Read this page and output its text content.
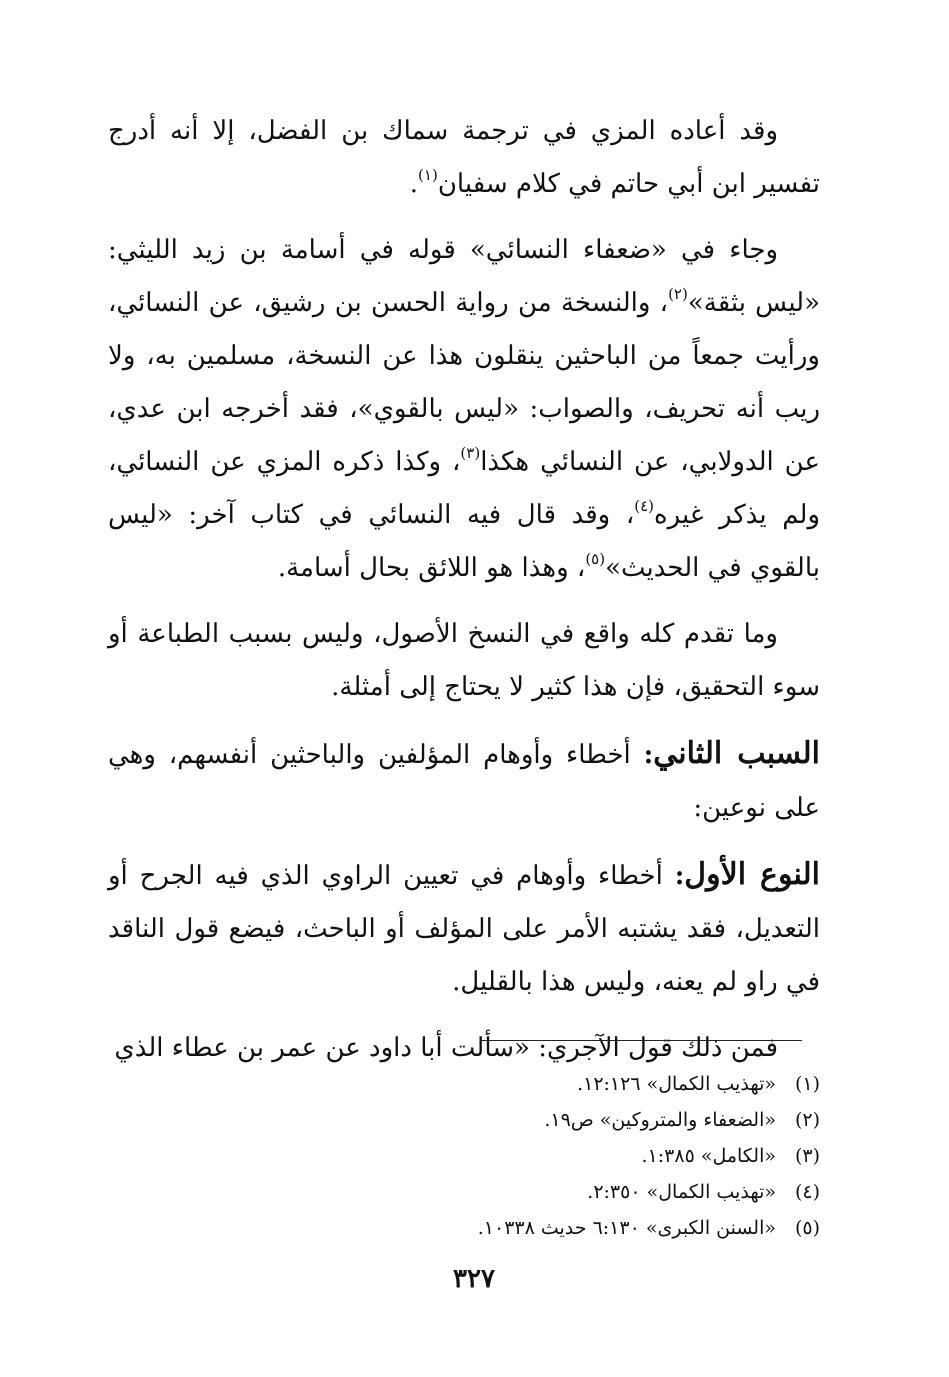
وقد أعاده المزي في ترجمة سماك بن الفضل، إلا أنه أدرج تفسير ابن أبي حاتم في كلام سفيان$^{(١)}$.

وجاء في «ضعفاء النسائي» قوله في أسامة بن زيد الليثي: «ليس بثقة»$^{(٢)}$، والنسخة من رواية الحسن بن رشيق، عن النسائي، ورأيت جمعاً من الباحثين ينقلون هذا عن النسخة، مسلمين به، ولا ريب أنه تحريف، والصواب: «ليس بالقوي»، فقد أخرجه ابن عدي، عن الدولابي، عن النسائي هكذا$^{(٣)}$، وكذا ذكره المزي عن النسائي، ولم يذكر غيره$^{(٤)}$، وقد قال فيه النسائي في كتاب آخر: «ليس بالقوي في الحديث»$^{(٥)}$، وهذا هو اللائق بحال أسامة.

وما تقدم كله واقع في النسخ الأصول، وليس بسبب الطباعة أو سوء التحقيق، فإن هذا كثير لا يحتاج إلى أمثلة.

السبب الثاني: أخطاء وأوهام المؤلفين والباحثين أنفسهم، وهي على نوعين:

النوع الأول: أخطاء وأوهام في تعيين الراوي الذي فيه الجرح أو التعديل، فقد يشتبه الأمر على المؤلف أو الباحث، فيضع قول الناقد في راو لم يعنه، وليس هذا بالقليل.

فمن ذلك قول الآجري: «سألت أبا داود عن عمر بن عطاء الذي

(١)
«تهذيب الكمال» ١٢:١٢٦.
(٢)
«الضعفاء والمتروكين» ص١٩.
(٣)
«الكامل» ١:٣٨٥.
(٤)
«تهذيب الكمال» ٢:٣٥٠.
(٥)
«السنن الكبرى» ٦:١٣٠ حديث ١٠٣٣٨.
٣٢٧
